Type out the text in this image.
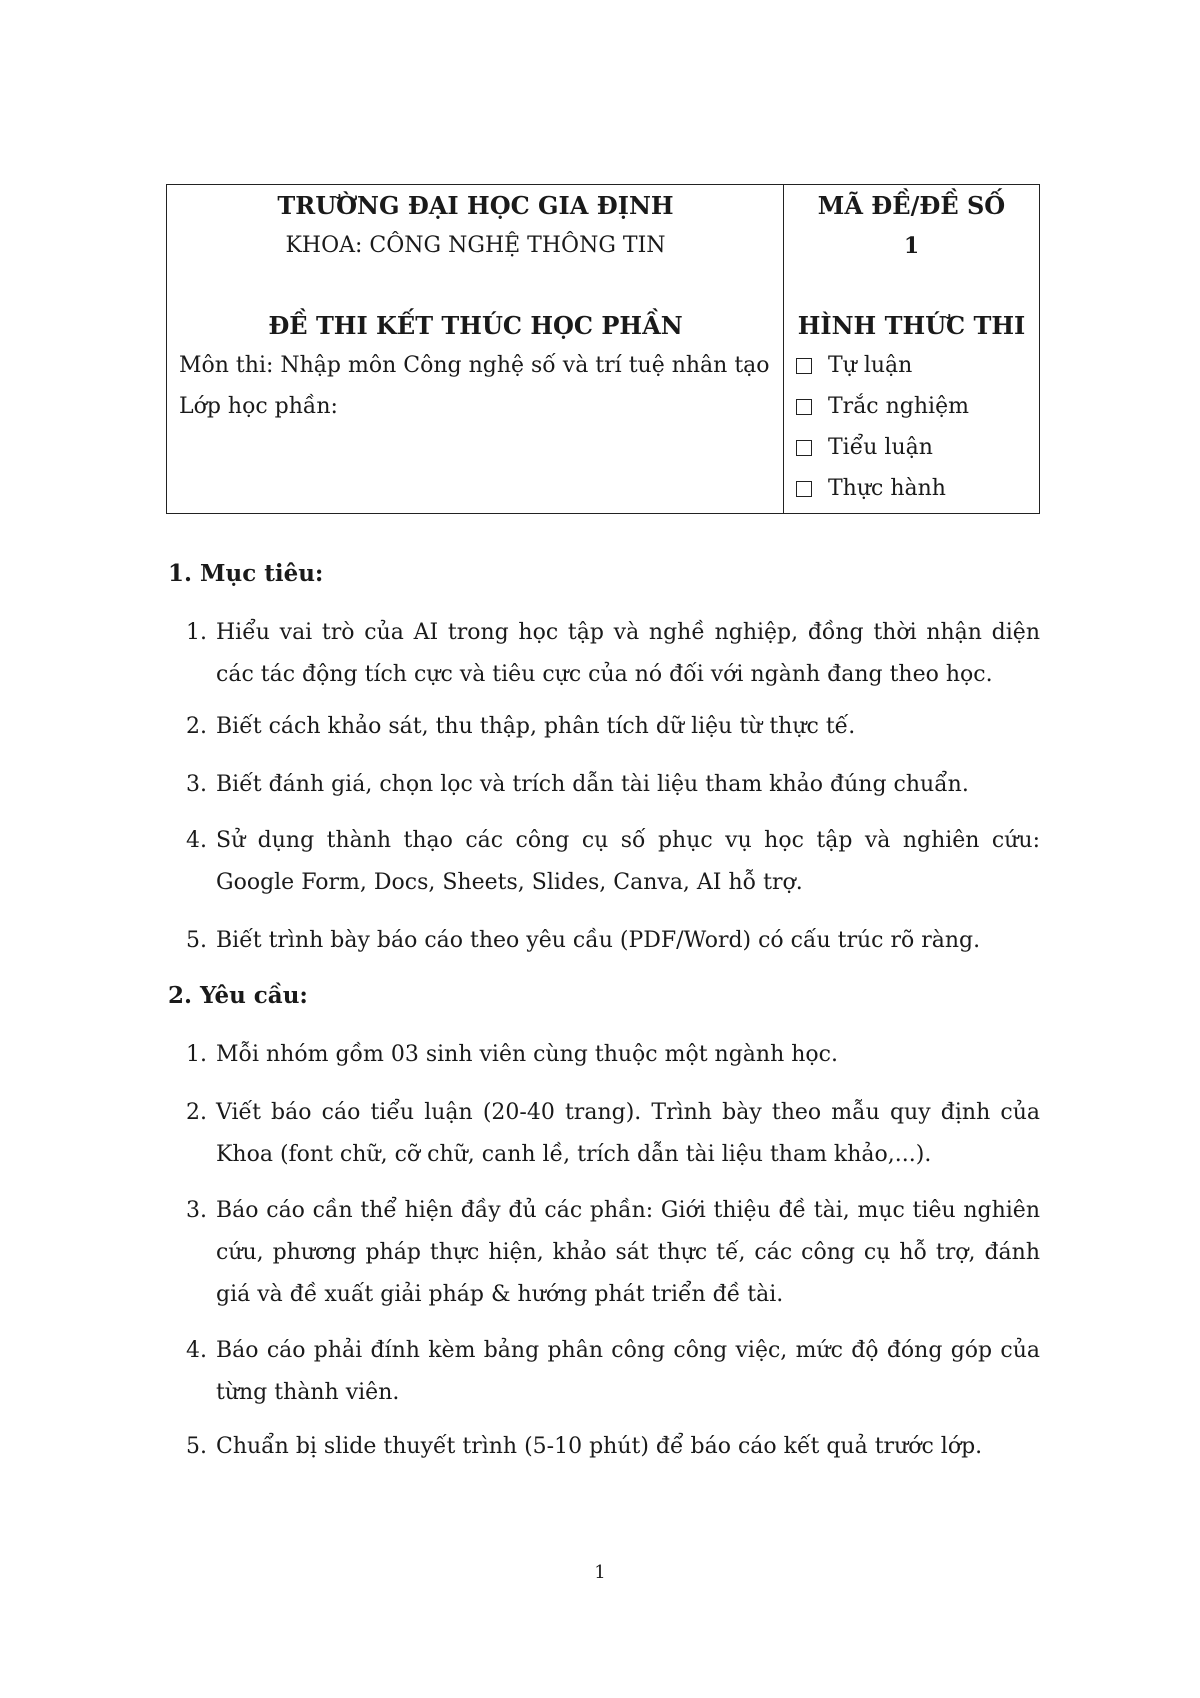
TRƯỜNG ĐẠI HỌC GIA ĐỊNH
KHOA: CÔNG NGHỆ THÔNG TIN
ĐỀ THI KẾT THÚC HỌC PHẦN
Môn thi: Nhập môn Công nghệ số và trí tuệ nhân tạo
Lớp học phần:
MÃ ĐỀ/ĐỀ SỐ
1
HÌNH THỨC THI
Tự luận
Trắc nghiệm
Tiểu luận
Thực hành
1. Mục tiêu:
1. Hiểu vai trò của AI trong học tập và nghề nghiệp, đồng thời nhận diện các tác động tích cực và tiêu cực của nó đối với ngành đang theo học.
2. Biết cách khảo sát, thu thập, phân tích dữ liệu từ thực tế.
3. Biết đánh giá, chọn lọc và trích dẫn tài liệu tham khảo đúng chuẩn.
4. Sử dụng thành thạo các công cụ số phục vụ học tập và nghiên cứu: Google Form, Docs, Sheets, Slides, Canva, AI hỗ trợ.
5. Biết trình bày báo cáo theo yêu cầu (PDF/Word) có cấu trúc rõ ràng.
2. Yêu cầu:
1. Mỗi nhóm gồm 03 sinh viên cùng thuộc một ngành học.
2. Viết báo cáo tiểu luận (20-40 trang). Trình bày theo mẫu quy định của Khoa (font chữ, cỡ chữ, canh lề, trích dẫn tài liệu tham khảo,...).
3. Báo cáo cần thể hiện đầy đủ các phần: Giới thiệu đề tài, mục tiêu nghiên cứu, phương pháp thực hiện, khảo sát thực tế, các công cụ hỗ trợ, đánh giá và đề xuất giải pháp & hướng phát triển đề tài.
4. Báo cáo phải đính kèm bảng phân công công việc, mức độ đóng góp của từng thành viên.
5. Chuẩn bị slide thuyết trình (5-10 phút) để báo cáo kết quả trước lớp.
1
